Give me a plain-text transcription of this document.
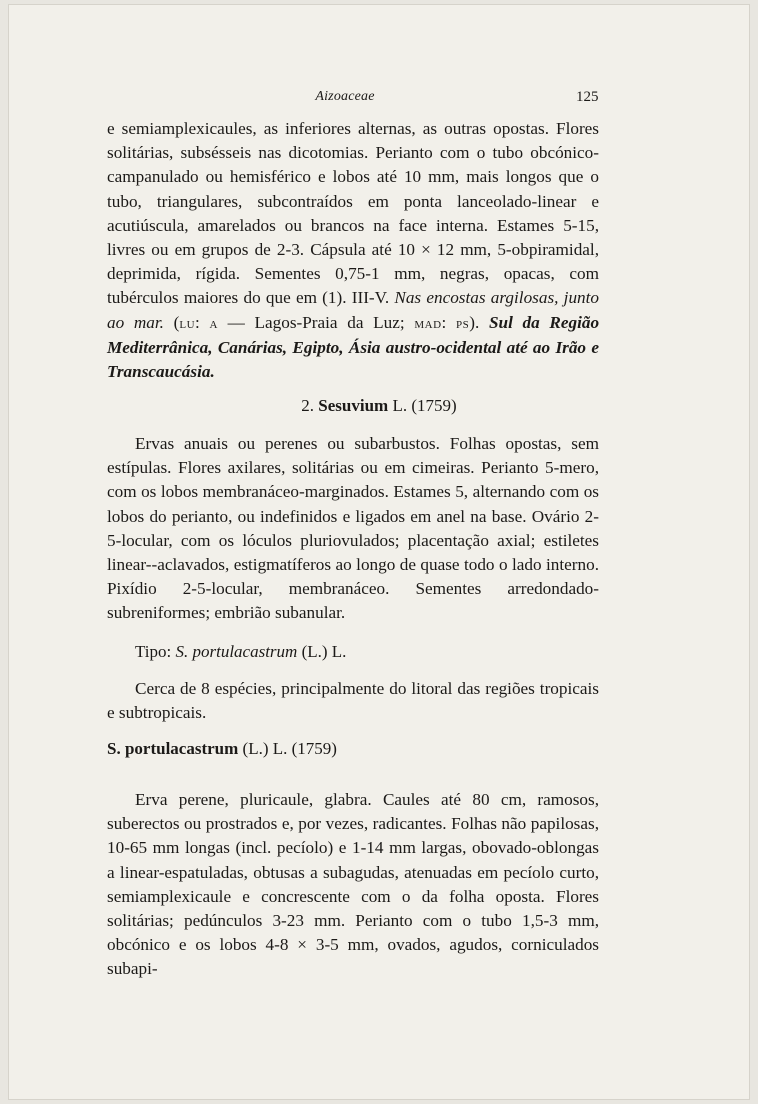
Aizoaceae	125

e semiamplexicaules, as inferiores alternas, as outras opostas. Flores solitárias, subsésseis nas dicotomias. Perianto com o tubo obcónico-campanulado ou hemisférico e lobos até 10 mm, mais longos que o tubo, triangulares, subcontraídos em ponta lanceolado-linear e acutiúscula, amarelados ou brancos na face interna. Estames 5-15, livres ou em grupos de 2-3. Cápsula até 10 × 12 mm, 5-obpiramidal, deprimida, rígida. Sementes 0,75-1 mm, negras, opacas, com tubérculos maiores do que em (1). III-V. Nas encostas argilosas, junto ao mar. (lu: a — Lagos-Praia da Luz; mad: ps). Sul da Região Mediterrânica, Canárias, Egipto, Ásia austro-ocidental até ao Irão e Transcaucásia.

2. Sesuvium L. (1759)

Ervas anuais ou perenes ou subarbustos. Folhas opostas, sem estípulas. Flores axilares, solitárias ou em cimeiras. Perianto 5-mero, com os lobos membranáceo-marginados. Estames 5, alternando com os lobos do perianto, ou indefinidos e ligados em anel na base. Ovário 2-5-locular, com os lóculos pluriovulados; placentação axial; estiletes linear--aclavados, estigmatíferos ao longo de quase todo o lado interno. Pixídio 2-5-locular, membranáceo. Sementes arredondado-subreniformes; embrião subanular.

Tipo: S. portulacastrum (L.) L.

Cerca de 8 espécies, principalmente do litoral das regiões tropicais e subtropicais.

S. portulacastrum (L.) L. (1759)

Erva perene, pluricaule, glabra. Caules até 80 cm, ramosos, suberectos ou prostrados e, por vezes, radicantes. Folhas não papilosas, 10-65 mm longas (incl. pecíolo) e 1-14 mm largas, obovado-oblongas a linear-espatuladas, obtusas a subagudas, atenuadas em pecíolo curto, semiamplexicaule e concrescente com o da folha oposta. Flores solitárias; pedúnculos 3-23 mm. Perianto com o tubo 1,5-3 mm, obcónico e os lobos 4-8 × 3-5 mm, ovados, agudos, corniculados subapi-
